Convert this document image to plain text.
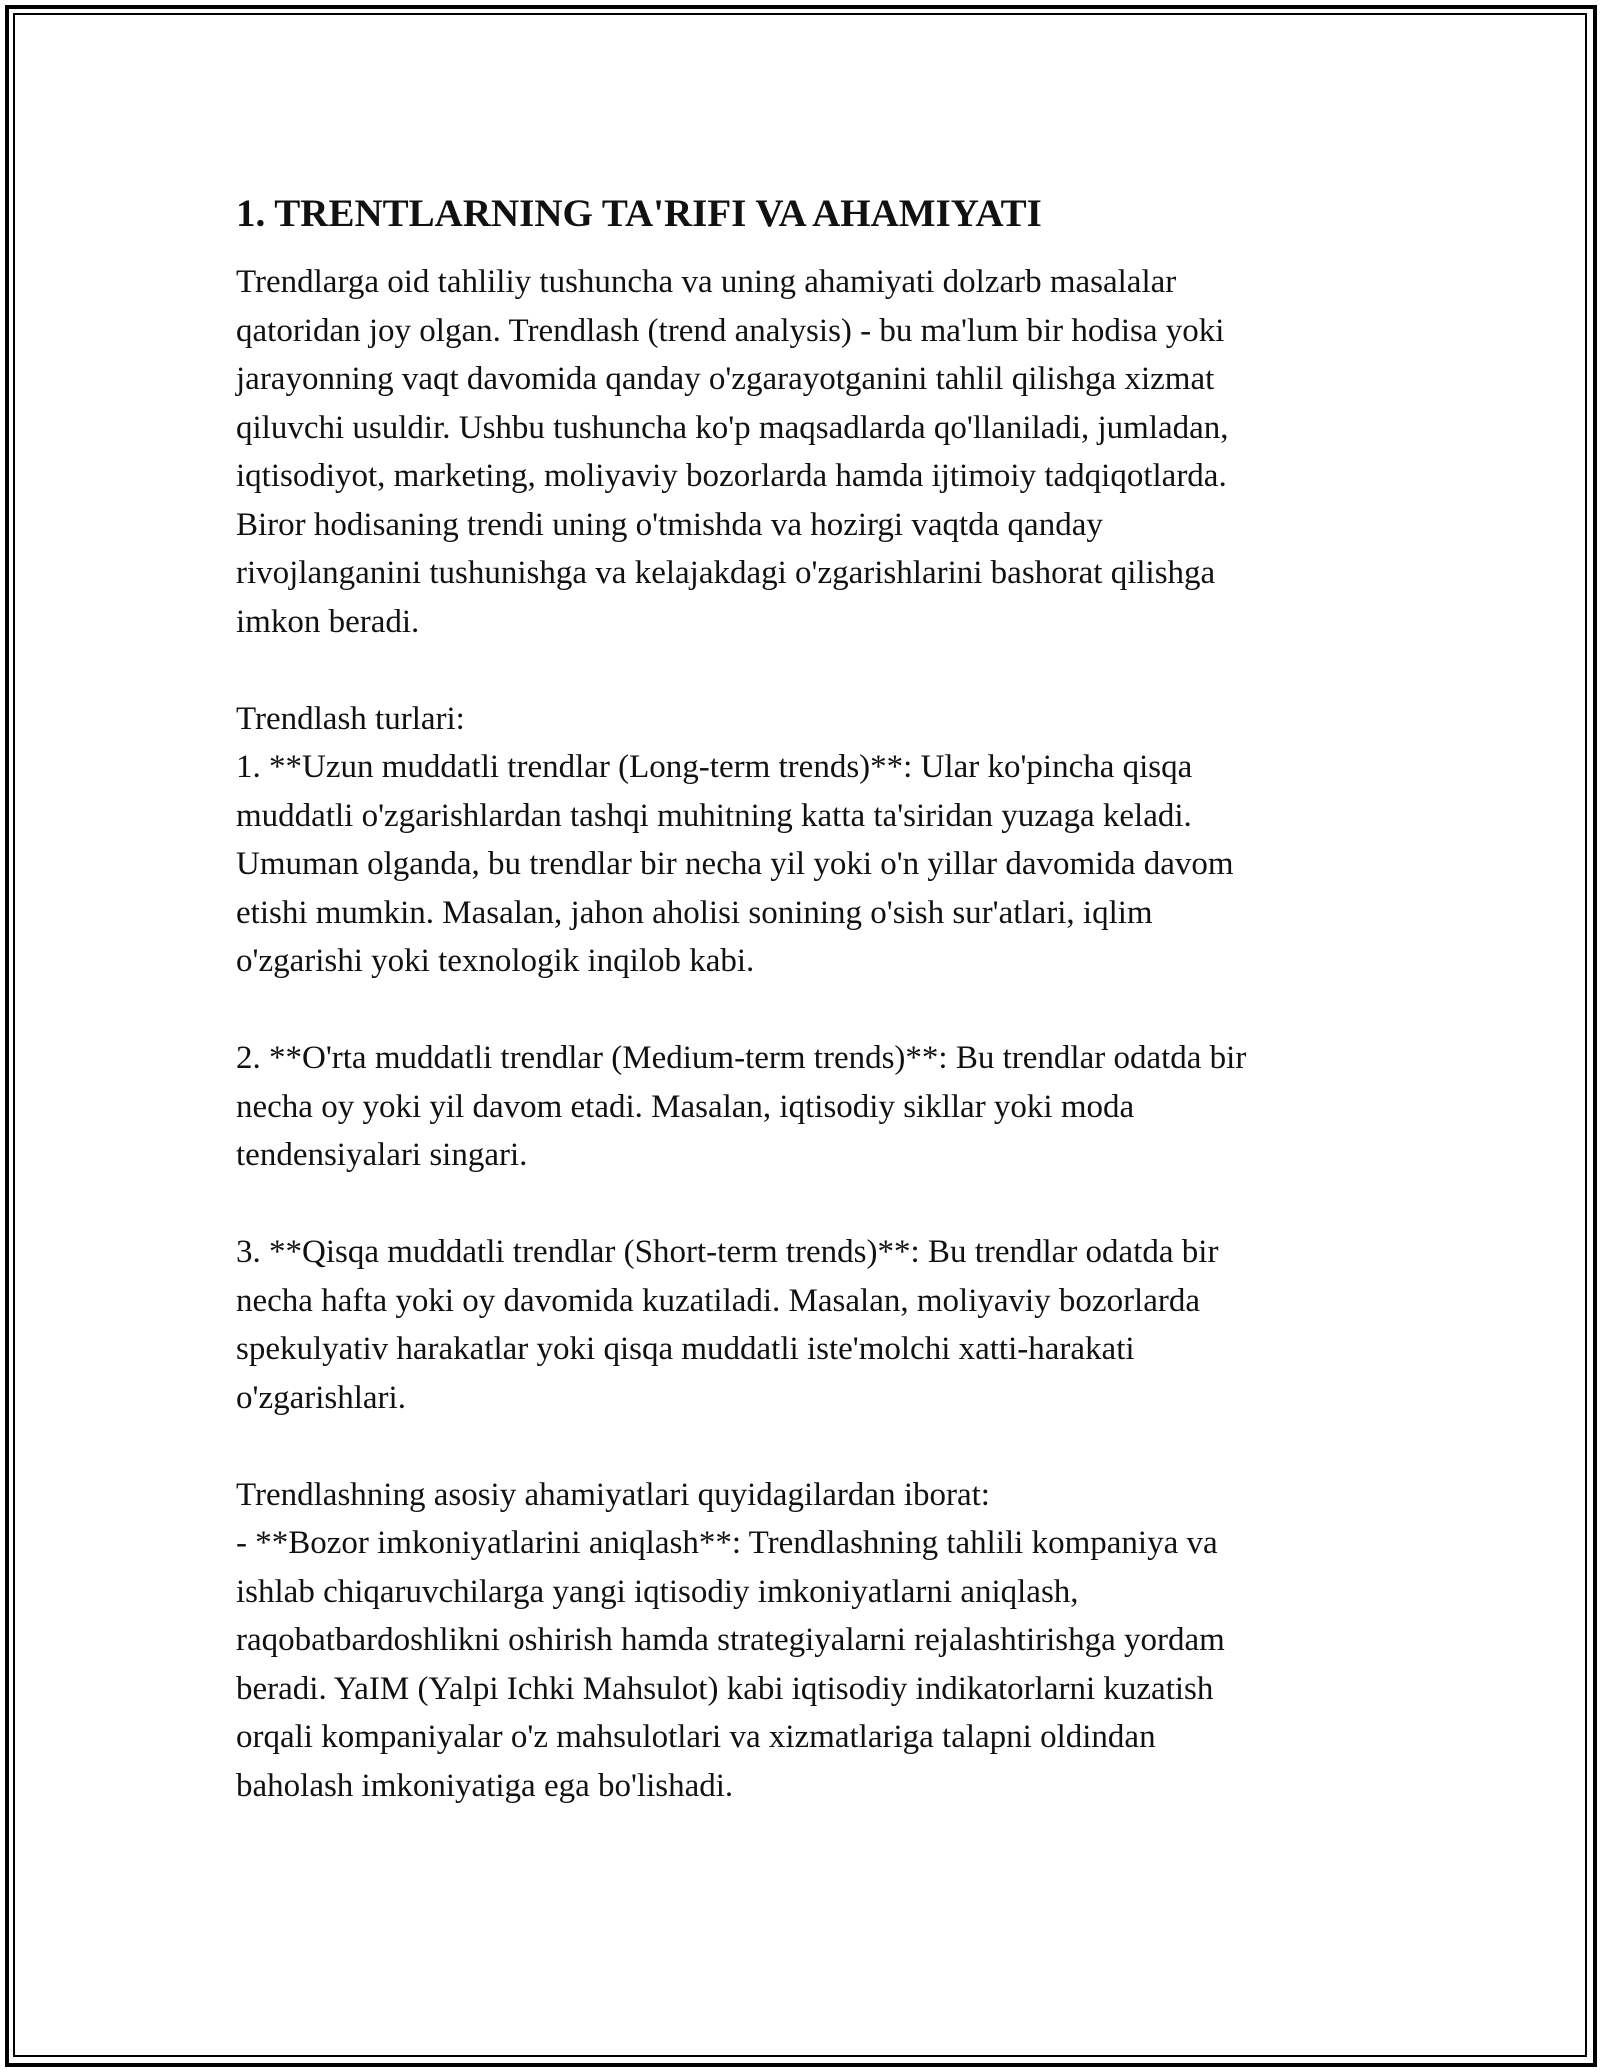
1. TRENTLARNING TA'RIFI VA AHAMIYATI
Trendlarga oid tahliliy tushuncha va uning ahamiyati dolzarb masalalar
qatoridan joy olgan. Trendlash (trend analysis) - bu ma'lum bir hodisa yoki
jarayonning vaqt davomida qanday o'zgarayotganini tahlil qilishga xizmat
qiluvchi usuldir. Ushbu tushuncha ko'p maqsadlarda qo'llaniladi, jumladan,
iqtisodiyot, marketing, moliyaviy bozorlarda hamda ijtimoiy tadqiqotlarda.
Biror hodisaning trendi uning o'tmishda va hozirgi vaqtda qanday
rivojlanganini tushunishga va kelajakdagi o'zgarishlarini bashorat qilishga
imkon beradi.
Trendlash turlari:
1. **Uzun muddatli trendlar (Long-term trends)**: Ular ko'pincha qisqa
muddatli o'zgarishlardan tashqi muhitning katta ta'siridan yuzaga keladi.
Umuman olganda, bu trendlar bir necha yil yoki o'n yillar davomida davom
etishi mumkin. Masalan, jahon aholisi sonining o'sish sur'atlari, iqlim
o'zgarishi yoki texnologik inqilob kabi.
2. **O'rta muddatli trendlar (Medium-term trends)**: Bu trendlar odatda bir
necha oy yoki yil davom etadi. Masalan, iqtisodiy sikllar yoki moda
tendensiyalari singari.
3. **Qisqa muddatli trendlar (Short-term trends)**: Bu trendlar odatda bir
necha hafta yoki oy davomida kuzatiladi. Masalan, moliyaviy bozorlarda
spekulyativ harakatlar yoki qisqa muddatli iste'molchi xatti-harakati
o'zgarishlari.
Trendlashning asosiy ahamiyatlari quyidagilardan iborat:
- **Bozor imkoniyatlarini aniqlash**: Trendlashning tahlili kompaniya va
ishlab chiqaruvchilarga yangi iqtisodiy imkoniyatlarni aniqlash,
raqobatbardoshlikni oshirish hamda strategiyalarni rejalashtirishga yordam
beradi. YaIM (Yalpi Ichki Mahsulot) kabi iqtisodiy indikatorlarni kuzatish
orqali kompaniyalar o'z mahsulotlari va xizmatlariga talapni oldindan
baholash imkoniyatiga ega bo'lishadi.
